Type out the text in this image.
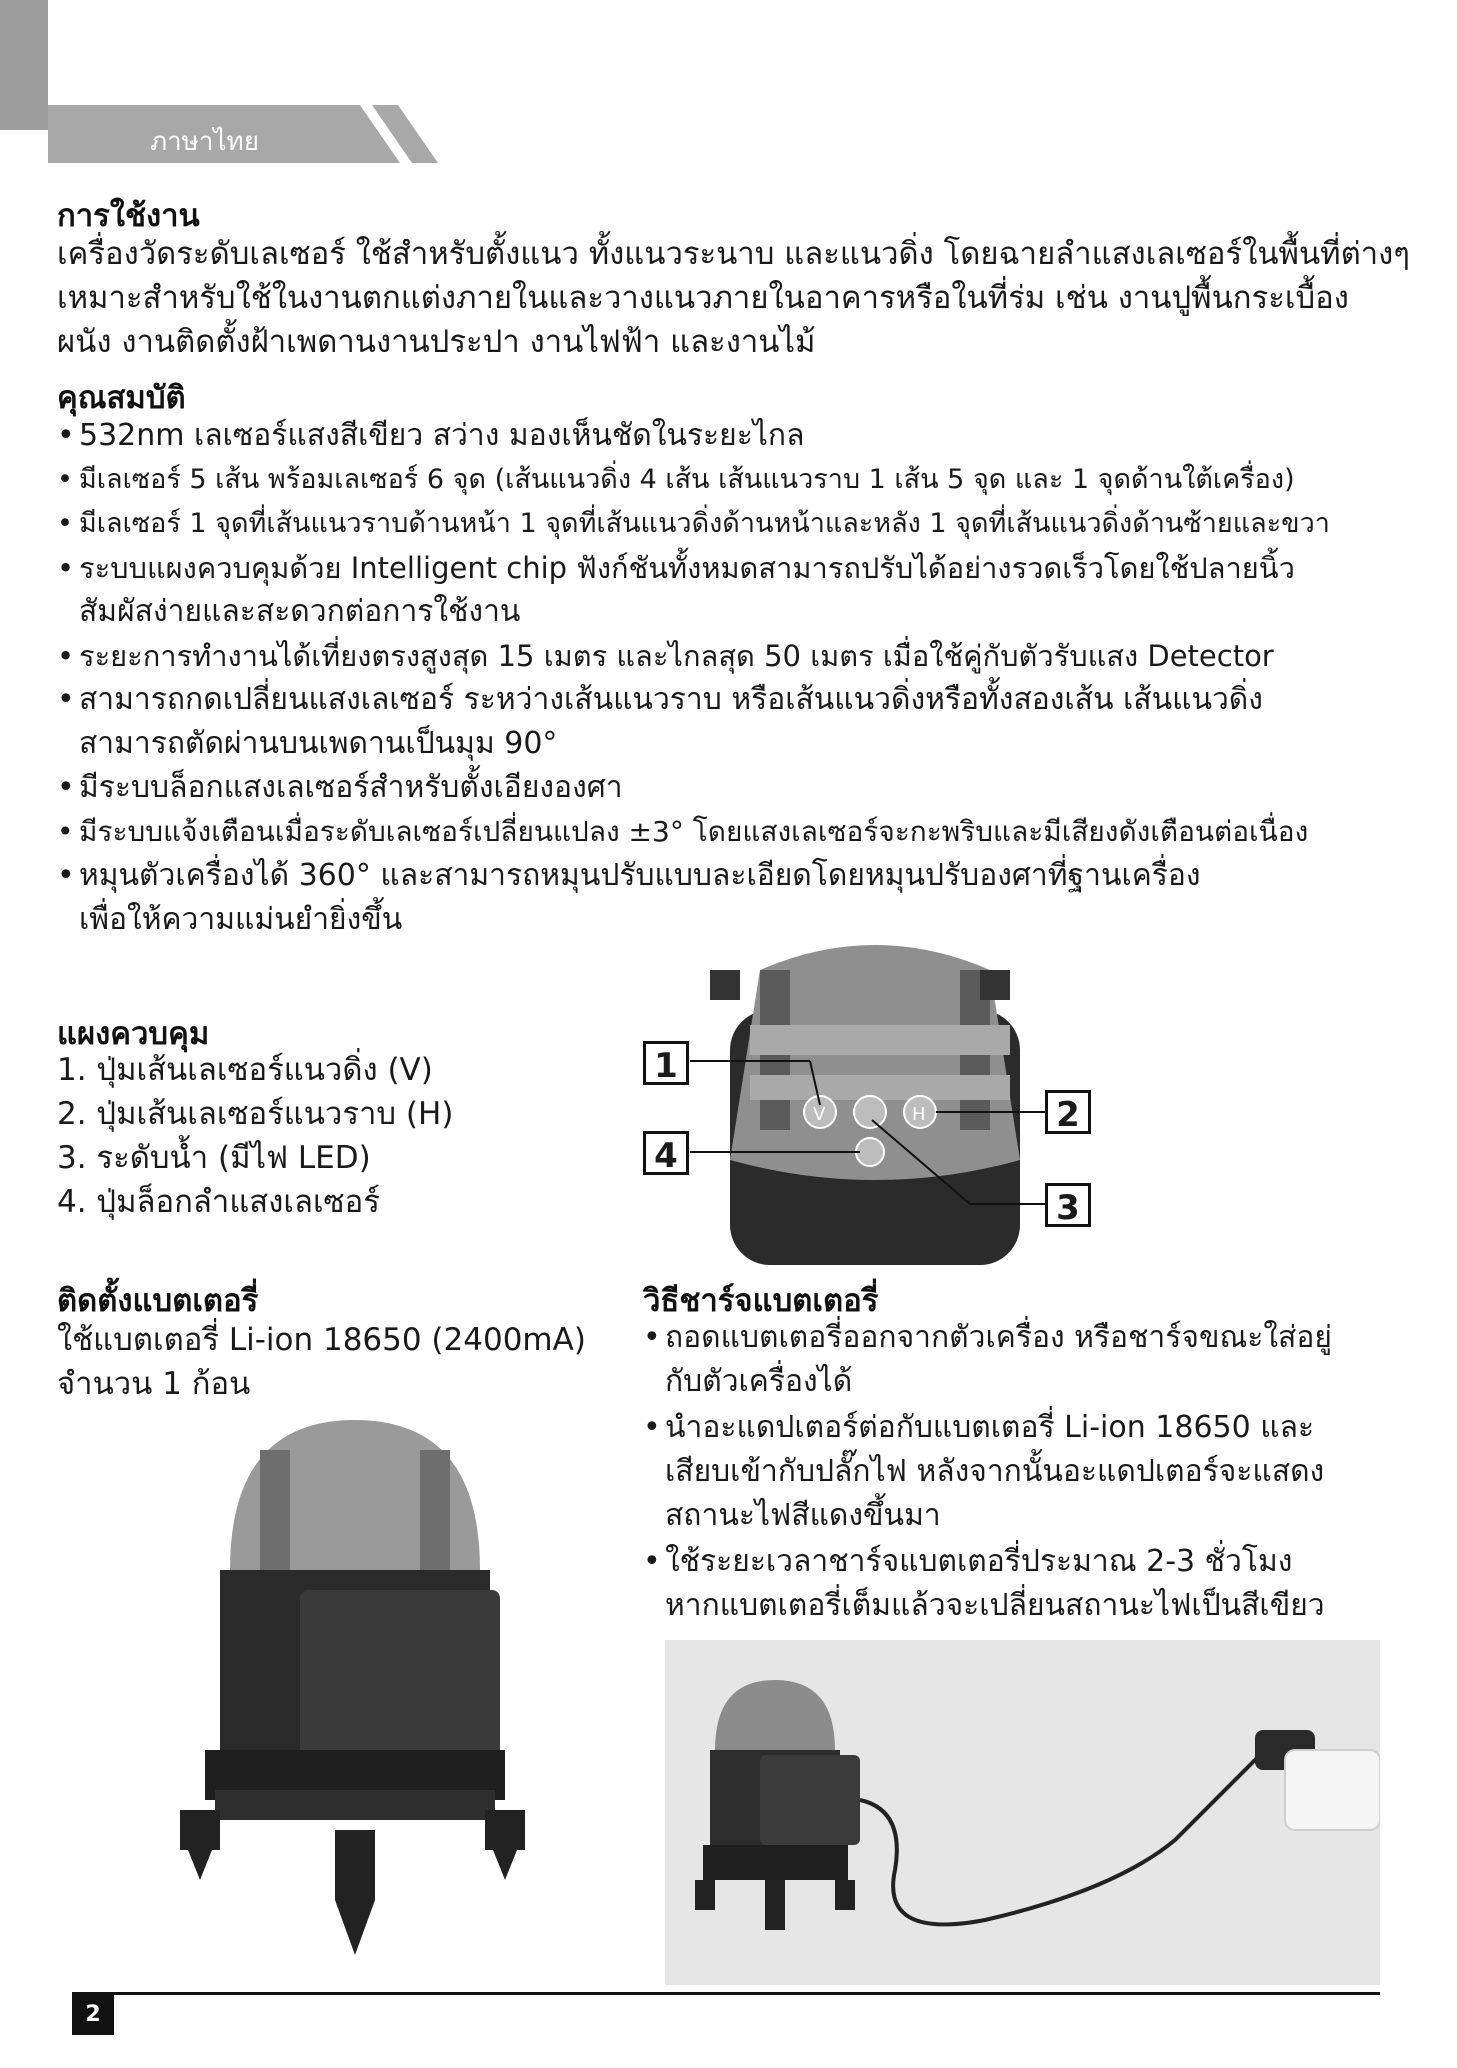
ภาษาไทย
การใช้งาน
เครื่องวัดระดับเลเซอร์ ใช้สำหรับตั้งแนว ทั้งแนวระนาบ และแนวดิ่ง โดยฉายลำแสงเลเซอร์ในพื้นที่ต่างๆ
เหมาะสำหรับใช้ในงานตกแต่งภายในและวางแนวภายในอาคารหรือในที่ร่ม เช่น งานปูพื้นกระเบื้อง
ผนัง งานติดตั้งฝ้าเพดานงานประปา งานไฟฟ้า และงานไม้
คุณสมบัติ
• 532nm เลเซอร์แสงสีเขียว สว่าง มองเห็นชัดในระยะไกล
• มีเลเซอร์ 5 เส้น พร้อมเลเซอร์ 6 จุด (เส้นแนวดิ่ง 4 เส้น เส้นแนวราบ 1 เส้น 5 จุด และ 1 จุดด้านใต้เครื่อง)
• มีเลเซอร์ 1 จุดที่เส้นแนวราบด้านหน้า 1 จุดที่เส้นแนวดิ่งด้านหน้าและหลัง 1 จุดที่เส้นแนวดิ่งด้านซ้ายและขวา
• ระบบแผงควบคุมด้วย Intelligent chip ฟังก์ชันทั้งหมดสามารถปรับได้อย่างรวดเร็วโดยใช้ปลายนิ้ว
สัมผัสง่ายและสะดวกต่อการใช้งาน
• ระยะการทำงานได้เที่ยงตรงสูงสุด 15 เมตร และไกลสุด 50 เมตร เมื่อใช้คู่กับตัวรับแสง Detector
• สามารถกดเปลี่ยนแสงเลเซอร์ ระหว่างเส้นแนวราบ หรือเส้นแนวดิ่งหรือทั้งสองเส้น เส้นแนวดิ่ง
สามารถตัดผ่านบนเพดานเป็นมุม 90°
• มีระบบล็อกแสงเลเซอร์สำหรับตั้งเอียงองศา
• มีระบบแจ้งเตือนเมื่อระดับเลเซอร์เปลี่ยนแปลง ±3° โดยแสงเลเซอร์จะกะพริบและมีเสียงดังเตือนต่อเนื่อง
• หมุนตัวเครื่องได้ 360° และสามารถหมุนปรับแบบละเอียดโดยหมุนปรับองศาที่ฐานเครื่อง
เพื่อให้ความแม่นยำยิ่งขึ้น
แผงควบคุม
1. ปุ่มเส้นเลเซอร์แนวดิ่ง (V)
2. ปุ่มเส้นเลเซอร์แนวราบ (H)
3. ระดับน้ำ (มีไฟ LED)
4. ปุ่มล็อกลำแสงเลเซอร์
V	H
1
2
3
4
ติดตั้งแบตเตอรี่
ใช้แบตเตอรี่ Li-ion 18650 (2400mA)
จำนวน 1 ก้อน
วิธีชาร์จแบตเตอรี่
• ถอดแบตเตอรี่ออกจากตัวเครื่อง หรือชาร์จขณะใส่อยู่
กับตัวเครื่องได้
• นำอะแดปเตอร์ต่อกับแบตเตอรี่ Li-ion 18650 และ
เสียบเข้ากับปลั๊กไฟ หลังจากนั้นอะแดปเตอร์จะแสดง
สถานะไฟสีแดงขึ้นมา
• ใช้ระยะเวลาชาร์จแบตเตอรี่ประมาณ 2-3 ชั่วโมง
หากแบตเตอรี่เต็มแล้วจะเปลี่ยนสถานะไฟเป็นสีเขียว
2
